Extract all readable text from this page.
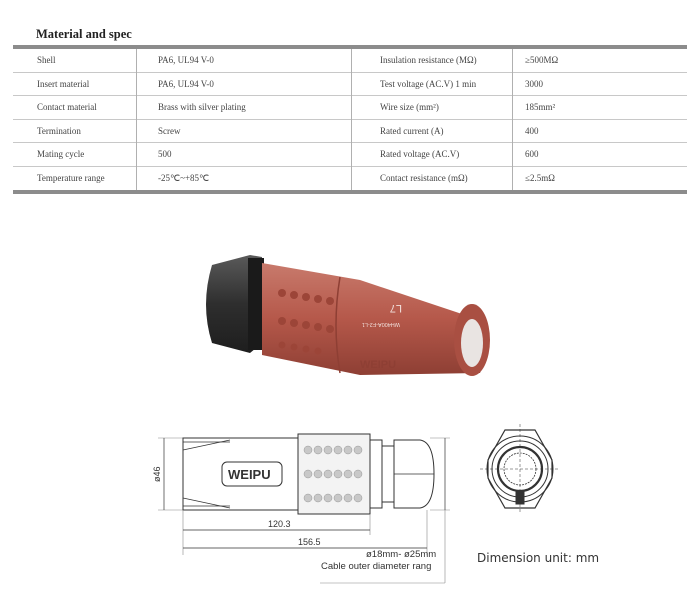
Material and spec
Shell	PA6, UL94 V-0	Insulation resistance (MΩ)	≥500MΩ
Insert material	PA6, UL94 V-0	Test voltage (AC.V) 1 min	3000
Contact material	Brass with silver plating	Wire size (mm²)	185mm²
Termination	Screw	Rated current (A)	400
Mating cycle	500	Rated voltage (AC.V)	600
Temperature range	-25℃~+85℃	Contact resistance (mΩ)	≤2.5mΩ
L7
WH400A-F2-L1
WEIPU
WEIPU
ø46
120.3
156.5
ø18mm- ø25mm
Cable outer diameter rang
Dimension unit: mm
